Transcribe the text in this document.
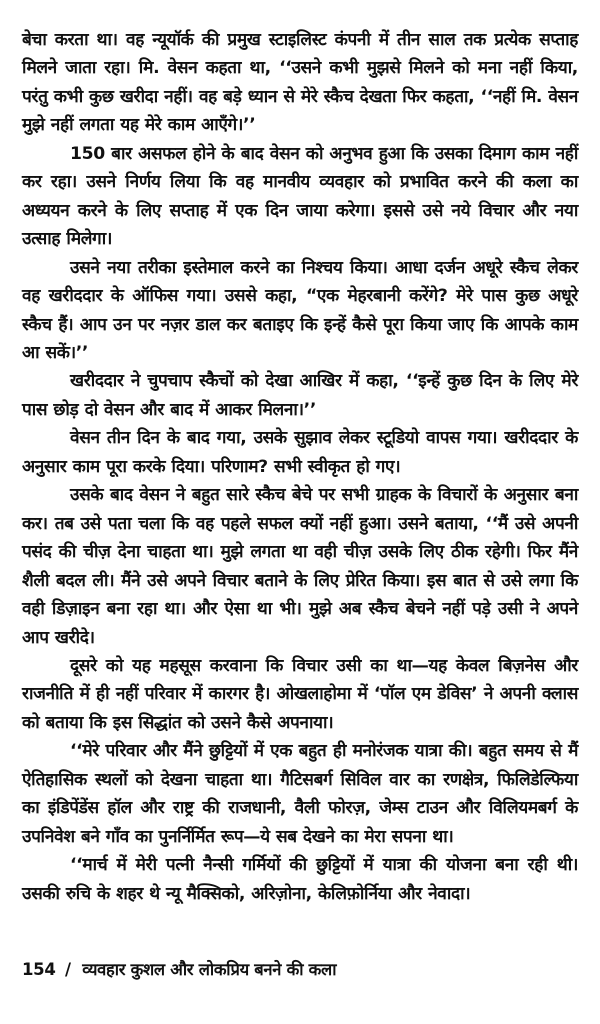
बेचा करता था। वह न्यूयॉर्क की प्रमुख स्टाइलिस्ट कंपनी में तीन साल तक प्रत्येक सप्ताह मिलने जाता रहा। मि. वेसन कहता था, ‘‘उसने कभी मुझसे मिलने को मना नहीं किया, परंतु कभी कुछ खरीदा नहीं। वह बड़े ध्यान से मेरे स्कैच देखता फिर कहता, ‘‘नहीं मि. वेसन मुझे नहीं लगता यह मेरे काम आएँगे।’’

150 बार असफल होने के बाद वेसन को अनुभव हुआ कि उसका दिमाग काम नहीं कर रहा। उसने निर्णय लिया कि वह मानवीय व्यवहार को प्रभावित करने की कला का अध्ययन करने के लिए सप्ताह में एक दिन जाया करेगा। इससे उसे नये विचार और नया उत्साह मिलेगा।

उसने नया तरीका इस्तेमाल करने का निश्चय किया। आधा दर्जन अधूरे स्कैच लेकर वह खरीददार के ऑफिस गया। उससे कहा, “एक मेहरबानी करेंगे? मेरे पास कुछ अधूरे स्कैच हैं। आप उन पर नज़र डाल कर बताइए कि इन्हें कैसे पूरा किया जाए कि आपके काम आ सकें।’’

खरीददार ने चुपचाप स्कैचों को देखा आखिर में कहा, ‘‘इन्हें कुछ दिन के लिए मेरे पास छोड़ दो वेसन और बाद में आकर मिलना।’’

वेसन तीन दिन के बाद गया, उसके सुझाव लेकर स्टूडियो वापस गया। खरीददार के अनुसार काम पूरा करके दिया। परिणाम? सभी स्वीकृत हो गए।

उसके बाद वेसन ने बहुत सारे स्कैच बेचे पर सभी ग्राहक के विचारों के अनुसार बना कर। तब उसे पता चला कि वह पहले सफल क्यों नहीं हुआ। उसने बताया, ‘‘मैं उसे अपनी पसंद की चीज़ देना चाहता था। मुझे लगता था वही चीज़ उसके लिए ठीक रहेगी। फिर मैंने शैली बदल ली। मैंने उसे अपने विचार बताने के लिए प्रेरित किया। इस बात से उसे लगा कि वही डिज़ाइन बना रहा था। और ऐसा था भी। मुझे अब स्कैच बेचने नहीं पड़े उसी ने अपने आप खरीदे।

दूसरे को यह महसूस करवाना कि विचार उसी का था—यह केवल बिज़नेस और राजनीति में ही नहीं परिवार में कारगर है। ओखलाहोमा में ‘पॉल एम डेविस’ ने अपनी क्लास को बताया कि इस सिद्धांत को उसने कैसे अपनाया।

‘‘मेरे परिवार और मैंने छुट्टियों में एक बहुत ही मनोरंजक यात्रा की। बहुत समय से मैं ऐतिहासिक स्थलों को देखना चाहता था। गैटिसबर्ग सिविल वार का रणक्षेत्र, फिलिडेल्फिया का इंडिपेंडेंस हॉल और राष्ट्र की राजधानी, वैली फोरज़, जेम्स टाउन और विलियमबर्ग के उपनिवेश बने गाँव का पुनर्निर्मित रूप—ये सब देखने का मेरा सपना था।

‘‘मार्च में मेरी पत्नी नैन्सी गर्मियों की छुट्टियों में यात्रा की योजना बना रही थी। उसकी रुचि के शहर थे न्यू मैक्सिको, अरिज़ोना, केलिफ़ोर्निया और नेवादा।

154 / व्यवहार कुशल और लोकप्रिय बनने की कला
